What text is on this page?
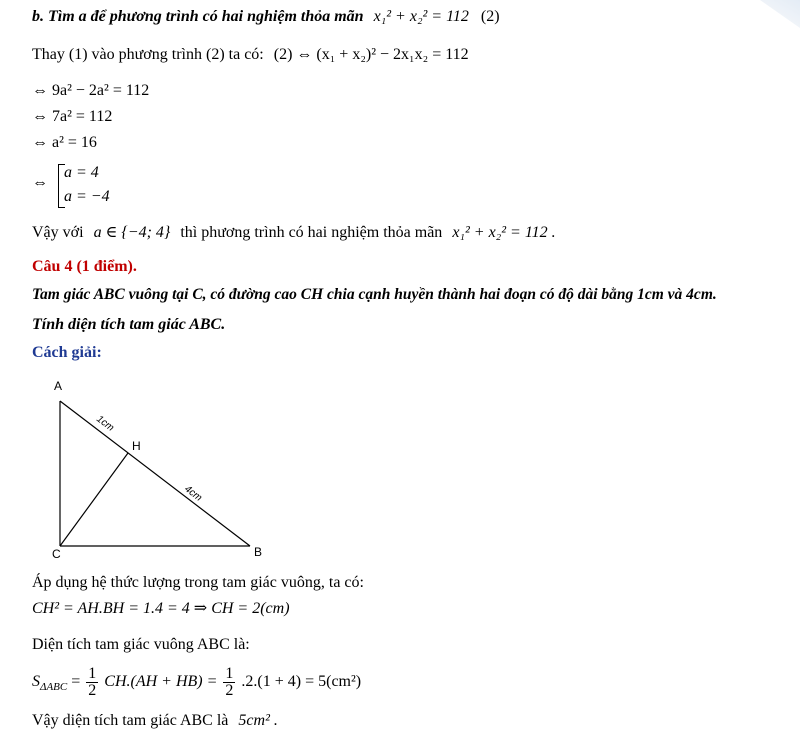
b. Tìm a để phương trình có hai nghiệm thỏa mãn x₁² + x₂² = 112 (2)
Thay (1) vào phương trình (2) ta có: (2) ⇔ (x₁ + x₂)² − 2x₁x₂ = 112
⇔ 9a² − 2a² = 112
⇔ 7a² = 112
⇔ a² = 16
⇔
a = 4
a = −4
Vậy với a ∈ {−4; 4} thì phương trình có hai nghiệm thỏa mãn x₁² + x₂² = 112 .
Câu 4 (1 điểm).
Tam giác ABC vuông tại C, có đường cao CH chia cạnh huyền thành hai đoạn có độ dài bằng 1cm và 4cm.
Tính diện tích tam giác ABC.
Cách giải:
A
B
C
H
1cm
4cm
Áp dụng hệ thức lượng trong tam giác vuông, ta có:
CH² = AH.BH = 1.4 = 4 ⇒ CH = 2(cm)
Diện tích tam giác vuông ABC là:
$S_{\Delta ABC} = \frac{1}{2} CH.(AH + HB) = \frac{1}{2} .2.(1 + 4) = 5(cm^2)$
Vậy diện tích tam giác ABC là 5cm² .
